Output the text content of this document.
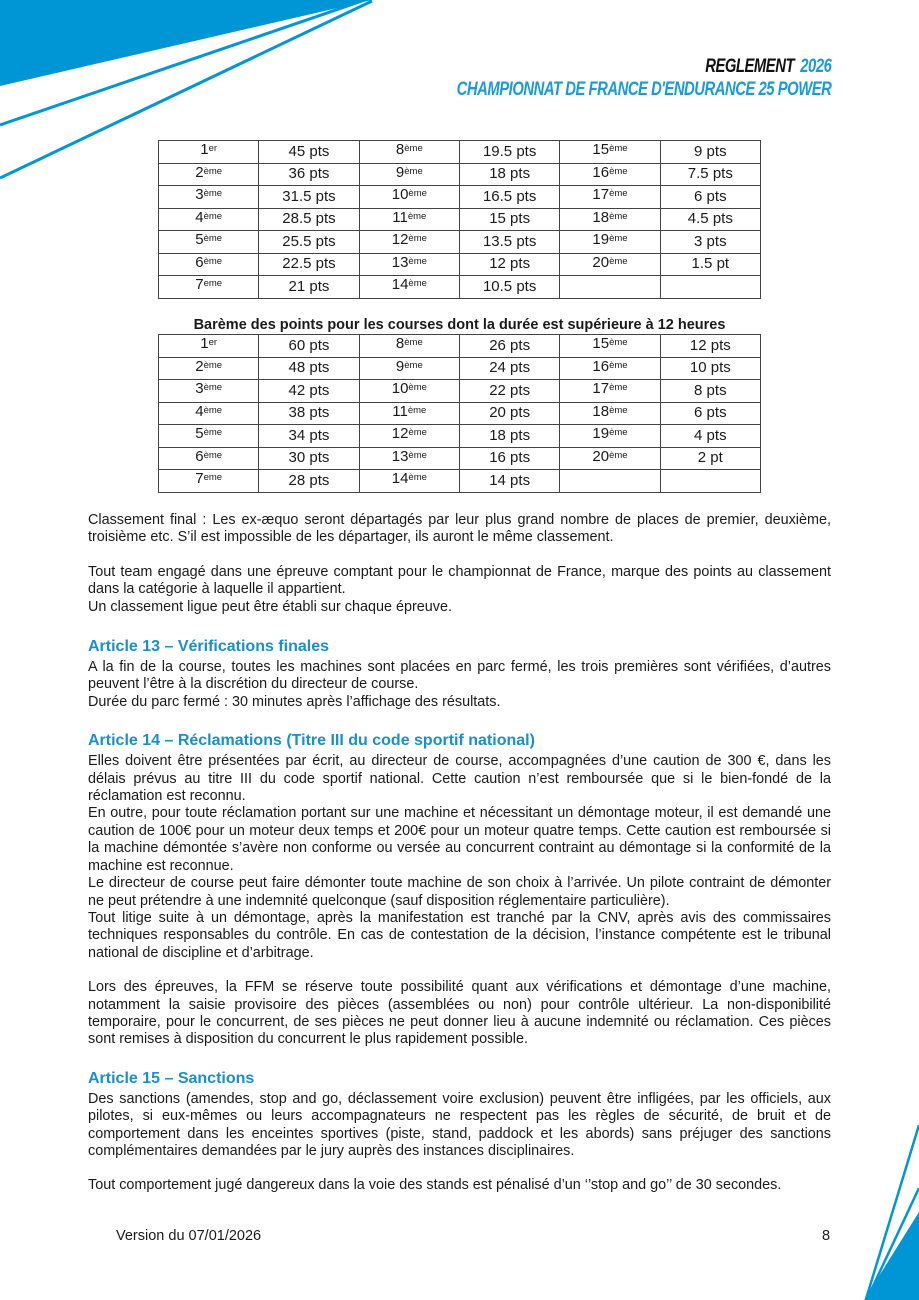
REGLEMENT 2026
CHAMPIONNAT DE FRANCE D'ENDURANCE 25 POWER
1er	45 pts	8ème	19.5 pts	15ème	9 pts
2ème	36 pts	9ème	18 pts	16ème	7.5 pts
3ème	31.5 pts	10ème	16.5 pts	17ème	6 pts
4ème	28.5 pts	11ème	15 pts	18ème	4.5 pts
5ème	25.5 pts	12ème	13.5 pts	19ème	3 pts
6ème	22.5 pts	13ème	12 pts	20ème	1.5 pt
7eme	21 pts	14ème	10.5 pts		
Barème des points pour les courses dont la durée est supérieure à 12 heures
1er	60 pts	8ème	26 pts	15ème	12 pts
2ème	48 pts	9ème	24 pts	16ème	10 pts
3ème	42 pts	10ème	22 pts	17ème	8 pts
4ème	38 pts	11ème	20 pts	18ème	6 pts
5ème	34 pts	12ème	18 pts	19ème	4 pts
6ème	30 pts	13ème	16 pts	20ème	2 pt
7eme	28 pts	14ème	14 pts		

Classement final : Les ex-æquo seront départagés par leur plus grand nombre de places de premier, deuxième, troisième etc. S’il est impossible de les départager, ils auront le même classement.

Tout team engagé dans une épreuve comptant pour le championnat de France, marque des points au classement dans la catégorie à laquelle il appartient.

Un classement ligue peut être établi sur chaque épreuve.

Article 13 – Vérifications finales

A la fin de la course, toutes les machines sont placées en parc fermé, les trois premières sont vérifiées, d’autres peuvent l’être à la discrétion du directeur de course.

Durée du parc fermé : 30 minutes après l’affichage des résultats.

Article 14 – Réclamations (Titre III du code sportif national)

Elles doivent être présentées par écrit, au directeur de course, accompagnées d’une caution de 300 €, dans les délais prévus au titre III du code sportif national. Cette caution n’est remboursée que si le bien-fondé de la réclamation est reconnu.

En outre, pour toute réclamation portant sur une machine et nécessitant un démontage moteur, il est demandé une caution de 100€ pour un moteur deux temps et 200€ pour un moteur quatre temps. Cette caution est remboursée si la machine démontée s’avère non conforme ou versée au concurrent contraint au démontage si la conformité de la machine est reconnue.

Le directeur de course peut faire démonter toute machine de son choix à l’arrivée. Un pilote contraint de démonter ne peut prétendre à une indemnité quelconque (sauf disposition réglementaire particulière).

Tout litige suite à un démontage, après la manifestation est tranché par la CNV, après avis des commissaires techniques responsables du contrôle. En cas de contestation de la décision, l’instance compétente est le tribunal national de discipline et d’arbitrage.

Lors des épreuves, la FFM se réserve toute possibilité quant aux vérifications et démontage d’une machine, notamment la saisie provisoire des pièces (assemblées ou non) pour contrôle ultérieur. La non-disponibilité temporaire, pour le concurrent, de ses pièces ne peut donner lieu à aucune indemnité ou réclamation. Ces pièces sont remises à disposition du concurrent le plus rapidement possible.

Article 15 – Sanctions

Des sanctions (amendes, stop and go, déclassement voire exclusion) peuvent être infligées, par les officiels, aux pilotes, si eux-mêmes ou leurs accompagnateurs ne respectent pas les règles de sécurité, de bruit et de comportement dans les enceintes sportives (piste, stand, paddock et les abords) sans préjuger des sanctions complémentaires demandées par le jury auprès des instances disciplinaires.

Tout comportement jugé dangereux dans la voie des stands est pénalisé d’un ‘’stop and go’’ de 30 secondes.

Version du 07/01/2026	8
